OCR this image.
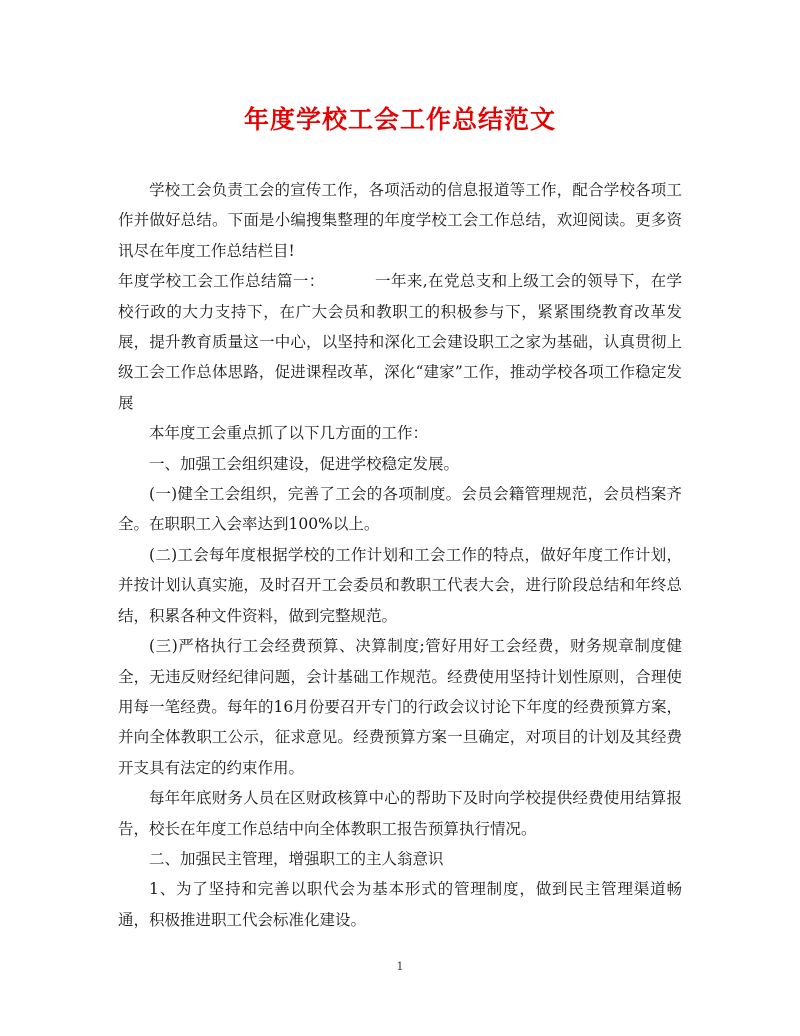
年度学校工会工作总结范文

学校工会负责工会的宣传工作，各项活动的信息报道等工作，配合学校各项工作并做好总结。下面是小编搜集整理的年度学校工会工作总结，欢迎阅读。更多资讯尽在年度工作总结栏目!

年度学校工会工作总结篇一：	一年来,在党总支和上级工会的领导下，在学校行政的大力支持下，在广大会员和教职工的积极参与下，紧紧围绕教育改革发展，提升教育质量这一中心，以坚持和深化工会建设职工之家为基础，认真贯彻上级工会工作总体思路，促进课程改革，深化“建家”工作，推动学校各项工作稳定发展

本年度工会重点抓了以下几方面的工作：

一、加强工会组织建设，促进学校稳定发展。

(一)健全工会组织，完善了工会的各项制度。会员会籍管理规范，会员档案齐全。在职职工入会率达到100%以上。

(二)工会每年度根据学校的工作计划和工会工作的特点，做好年度工作计划，并按计划认真实施，及时召开工会委员和教职工代表大会，进行阶段总结和年终总结，积累各种文件资料，做到完整规范。

(三)严格执行工会经费预算、决算制度;管好用好工会经费，财务规章制度健全，无违反财经纪律问题，会计基础工作规范。经费使用坚持计划性原则，合理使用每一笔经费。每年的16月份要召开专门的行政会议讨论下年度的经费预算方案，并向全体教职工公示，征求意见。经费预算方案一旦确定，对项目的计划及其经费开支具有法定的约束作用。

每年年底财务人员在区财政核算中心的帮助下及时向学校提供经费使用结算报告，校长在年度工作总结中向全体教职工报告预算执行情况。

二、加强民主管理，增强职工的主人翁意识

1、为了坚持和完善以职代会为基本形式的管理制度，做到民主管理渠道畅通，积极推进职工代会标准化建设。

1
